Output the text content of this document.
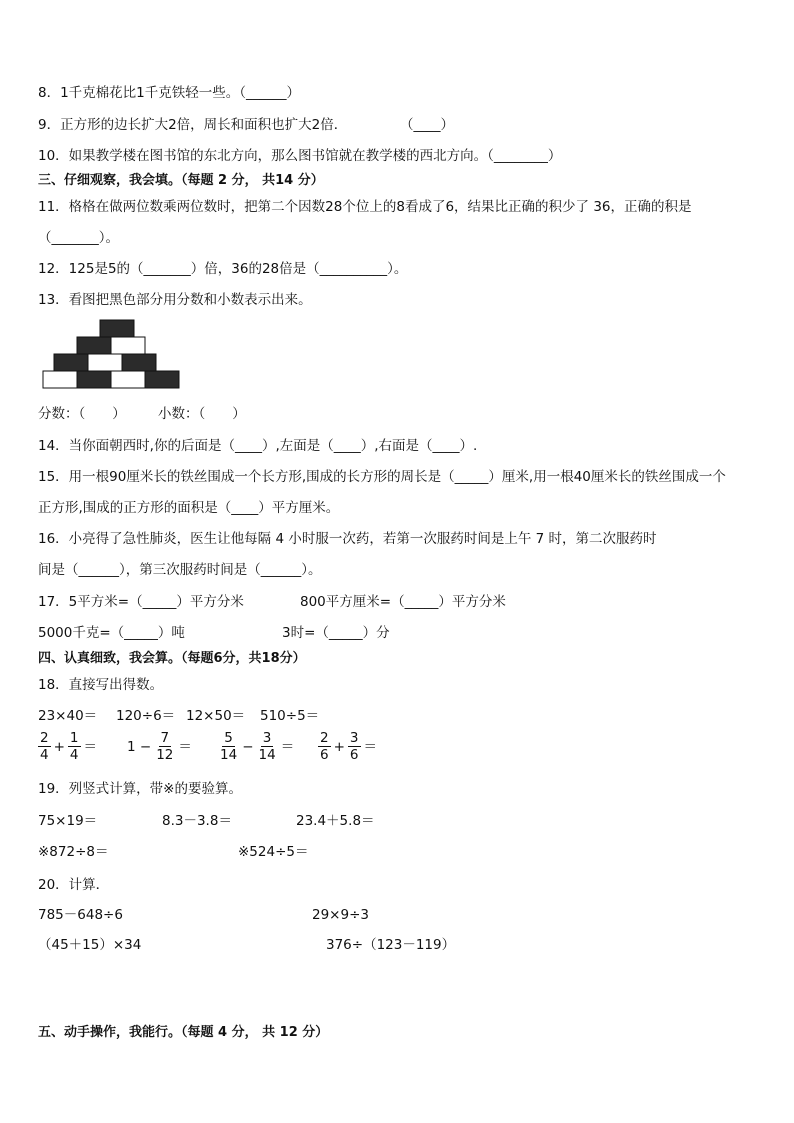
8．1千克棉花比1千克铁轻一些。（______）
9．正方形的边长扩大2倍，周长和面积也扩大2倍．	（____）
10．如果教学楼在图书馆的东北方向，那么图书馆就在教学楼的西北方向。（________）
三、仔细观察，我会填。（每题 2 分， 共14 分）
11．格格在做两位数乘两位数时，把第二个因数28个位上的8看成了6，结果比正确的积少了 36，正确的积是
（_______）。
12．125是5的（_______）倍，36的28倍是（__________）。
13．看图把黑色部分用分数和小数表示出来。
分数：（　　） 小数：（　　）
14．当你面朝西时,你的后面是（____）,左面是（____）,右面是（____）.
15．用一根90厘米长的铁丝围成一个长方形,围成的长方形的周长是（_____）厘米,用一根40厘米长的铁丝围成一个
正方形,围成的正方形的面积是（____）平方厘米。
16．小亮得了急性肺炎，医生让他每隔 4 小时服一次药，若第一次服药时间是上午 7 时，第二次服药时
间是（______），第三次服药时间是（______）。
17．5平方米=（_____）平方分米	800平方厘米=（_____）平方分米
5000千克=（_____）吨	3时=（_____）分
四、认真细致，我会算。（每题6分，共18分）
18．直接写出得数。
23×40＝ 120÷6＝ 12×50＝ 510÷5＝
$\frac{2}{4} + \frac{1}{4} = 1 - \frac{7}{12} = \frac{5}{14} - \frac{3}{14} = \frac{2}{6} + \frac{3}{6}$ ＝
19．列竖式计算，带※的要验算。
75×19＝	8.3－3.8＝	23.4＋5.8＝
※872÷8＝	※524÷5＝
20．计算．
785－648÷6	29×9÷3
（45＋15）×34	376÷（123－119）
五、动手操作，我能行。（每题 4 分， 共 12 分）
